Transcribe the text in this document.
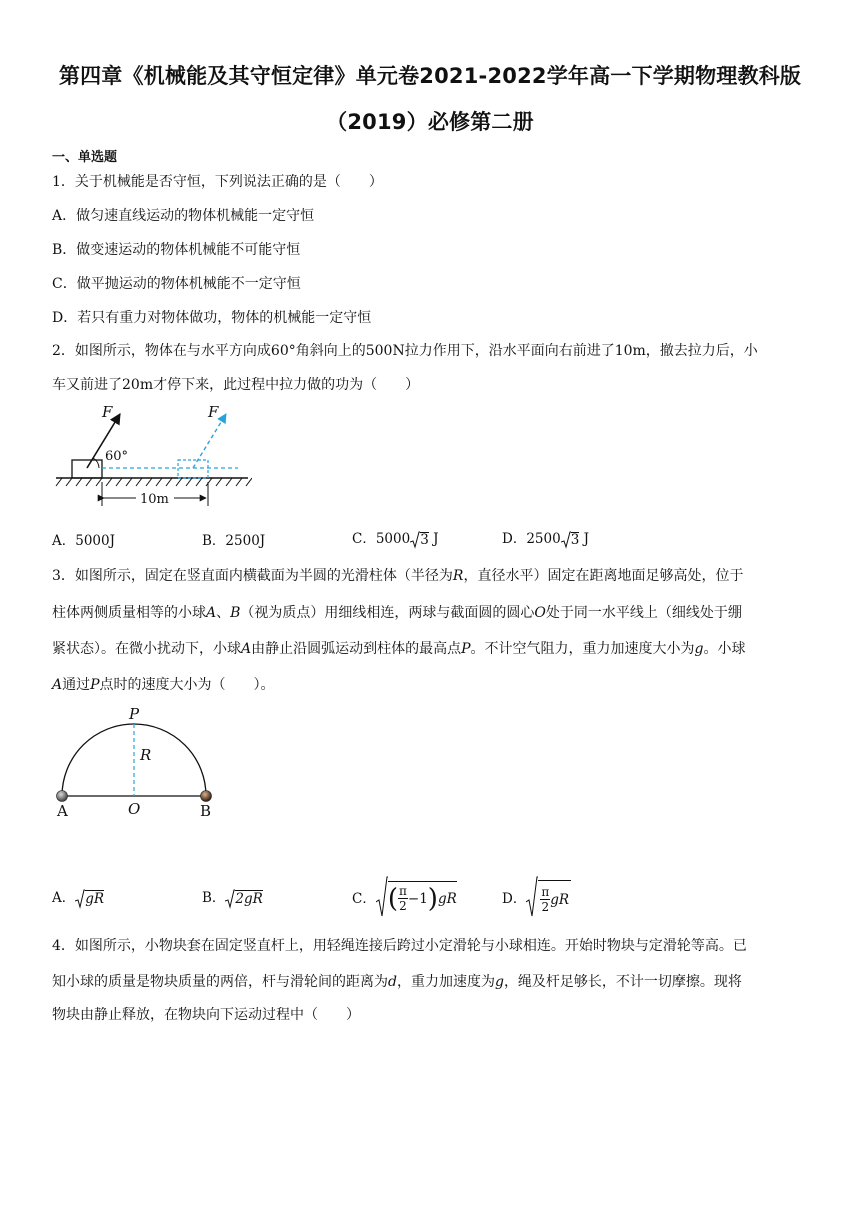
第四章《机械能及其守恒定律》单元卷2021-2022学年高一下学期物理教科版
（2019）必修第二册
一、单选题
1．关于机械能是否守恒，下列说法正确的是（　　）
A．做匀速直线运动的物体机械能一定守恒
B．做变速运动的物体机械能不可能守恒
C．做平抛运动的物体机械能不一定守恒
D．若只有重力对物体做功，物体的机械能一定守恒
2．如图所示，物体在与水平方向成60°角斜向上的500N拉力作用下，沿水平面向右前进了10m，撤去拉力后，小
车又前进了20m才停下来，此过程中拉力做的功为（　　）
F	F
60°
10m
A．5000J	B．2500J	C．5000 3 J	D．2500 3 J
3．如图所示，固定在竖直面内横截面为半圆的光滑柱体（半径为R，直径水平）固定在距离地面足够高处，位于
柱体两侧质量相等的小球A、B（视为质点）用细线相连，两球与截面圆的圆心O处于同一水平线上（细线处于绷
紧状态）。在微小扰动下，小球A由静止沿圆弧运动到柱体的最高点P。不计空气阻力，重力加速度大小为g。小球
A通过P点时的速度大小为（　　）。
P
R
A	O	B
A． gR	B． 2gR	C． ( π
2 −1 ) gR	D． π
2 gR
4．如图所示，小物块套在固定竖直杆上，用轻绳连接后跨过小定滑轮与小球相连。开始时物块与定滑轮等高。已
知小球的质量是物块质量的两倍，杆与滑轮间的距离为d，重力加速度为g，绳及杆足够长，不计一切摩擦。现将
物块由静止释放，在物块向下运动过程中（　　）
